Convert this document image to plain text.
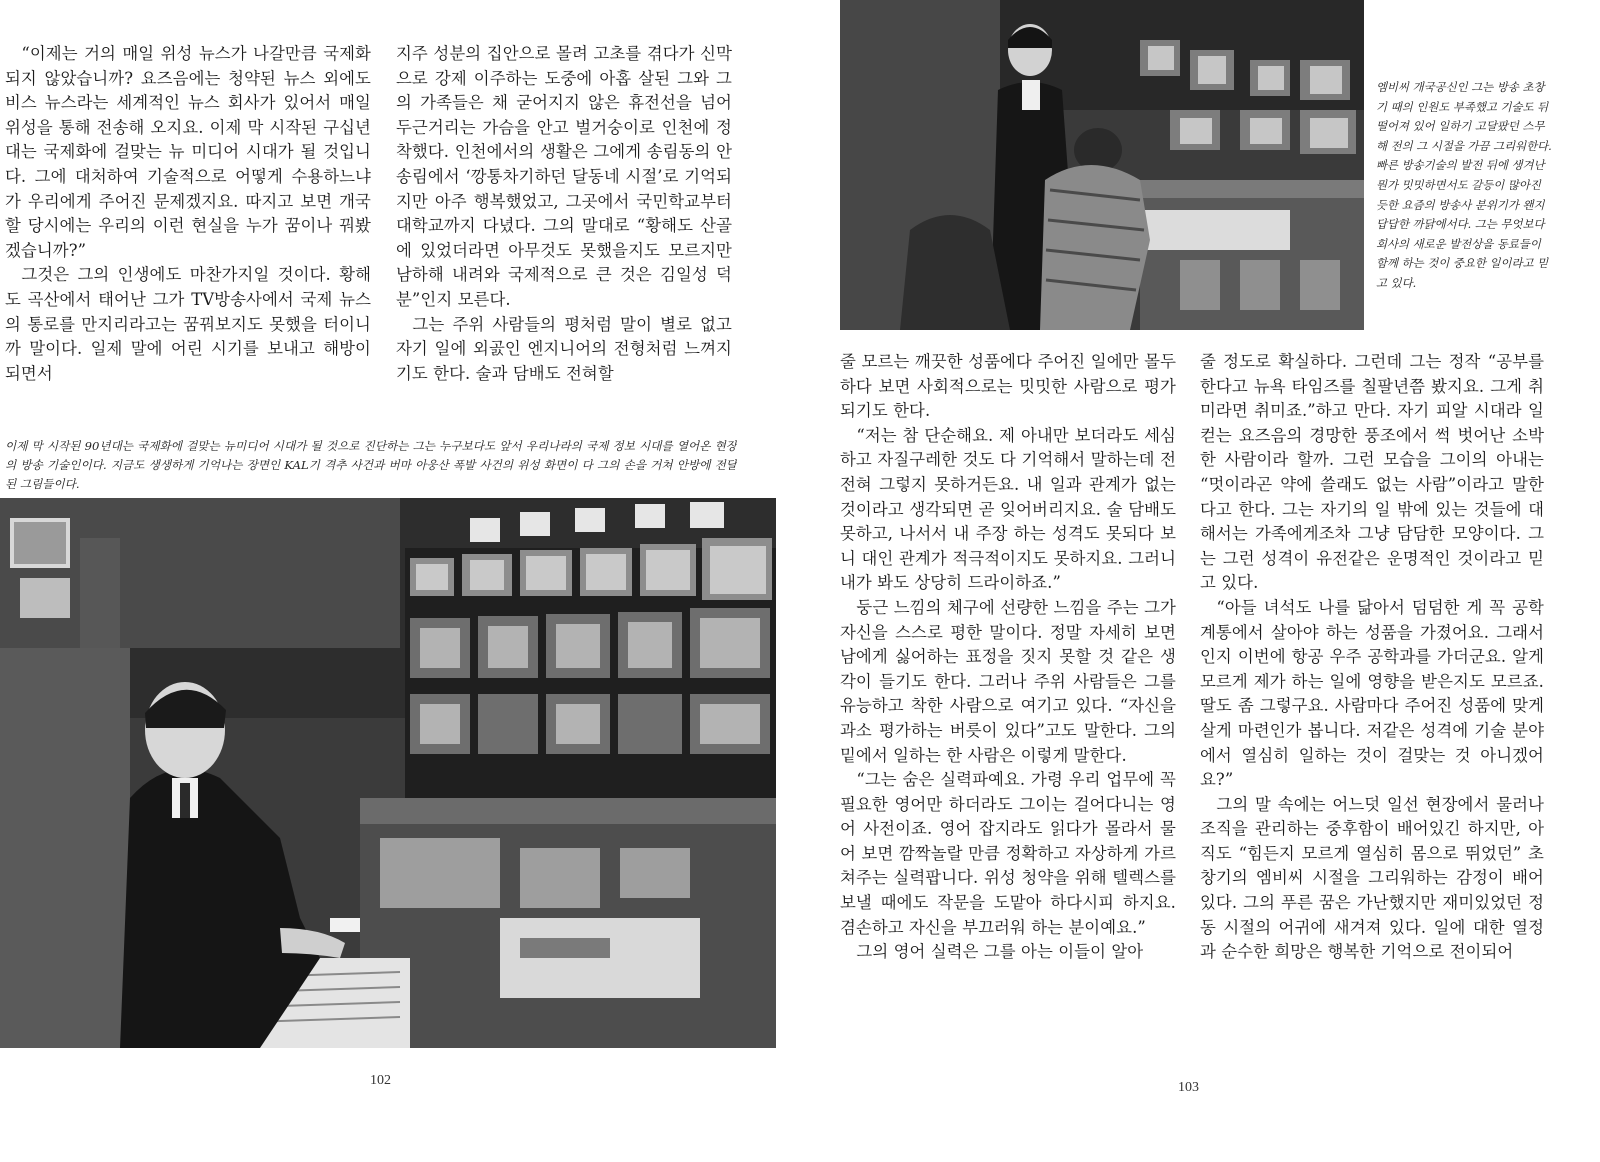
“이제는 거의 매일 위성 뉴스가 나갈만큼 국제화되지 않았습니까? 요즈음에는 청약된 뉴스 외에도 비스 뉴스라는 세계적인 뉴스 회사가 있어서 매일 위성을 통해 전송해 오지요. 이제 막 시작된 구십년대는 국제화에 걸맞는 뉴 미디어 시대가 될 것입니다. 그에 대처하여 기술적으로 어떻게 수용하느냐가 우리에게 주어진 문제겠지요. 따지고 보면 개국할 당시에는 우리의 이런 현실을 누가 꿈이나 꿔봤겠습니까?”

그것은 그의 인생에도 마찬가지일 것이다. 황해도 곡산에서 태어난 그가 TV방송사에서 국제 뉴스의 통로를 만지리라고는 꿈꿔보지도 못했을 터이니까 말이다. 일제 말에 어린 시기를 보내고 해방이 되면서

지주 성분의 집안으로 몰려 고초를 겪다가 신막으로 강제 이주하는 도중에 아홉 살된 그와 그의 가족들은 채 굳어지지 않은 휴전선을 넘어 두근거리는 가슴을 안고 벌거숭이로 인천에 정착했다. 인천에서의 생활은 그에게 송림동의 안송림에서 ‘깡통차기하던 달동네 시절’로 기억되지만 아주 행복했었고, 그곳에서 국민학교부터 대학교까지 다녔다. 그의 말대로 “황해도 산골에 있었더라면 아무것도 못했을지도 모르지만 남하해 내려와 국제적으로 큰 것은 김일성 덕분”인지 모른다.

그는 주위 사람들의 평처럼 말이 별로 없고 자기 일에 외곬인 엔지니어의 전형처럼 느껴지기도 한다. 술과 담배도 전혀할

이제 막 시작된 90년대는 국제화에 걸맞는 뉴미디어 시대가 될 것으로 진단하는 그는 누구보다도 앞서 우리나라의 국제 정보 시대를 열어온 현장의 방송 기술인이다. 지금도 생생하게 기억나는 장면인 KAL기 격추 사건과 버마 아웅산 폭발 사건의 위성 화면이 다 그의 손을 거쳐 안방에 전달된 그림들이다.
102
엠비씨 개국공신인 그는 방송 초창기 때의 인원도 부족했고 기술도 뒤떨어져 있어 일하기 고달팠던 스무해 전의 그 시절을 가끔 그리워한다. 빠른 방송기술의 발전 뒤에 생겨난 뭔가 밋밋하면서도 갈등이 많아진 듯한 요즘의 방송사 분위기가 왠지 답답한 까닭에서다. 그는 무엇보다 회사의 새로운 발전상을 동료들이 함께 하는 것이 중요한 일이라고 믿고 있다.

줄 모르는 깨끗한 성품에다 주어진 일에만 몰두하다 보면 사회적으로는 밋밋한 사람으로 평가되기도 한다.

“저는 참 단순해요. 제 아내만 보더라도 세심하고 자질구레한 것도 다 기억해서 말하는데 전 전혀 그렇지 못하거든요. 내 일과 관계가 없는 것이라고 생각되면 곧 잊어버리지요. 술 담배도 못하고, 나서서 내 주장 하는 성격도 못되다 보니 대인 관계가 적극적이지도 못하지요. 그러니 내가 봐도 상당히 드라이하죠.”

둥근 느낌의 체구에 선량한 느낌을 주는 그가 자신을 스스로 평한 말이다. 정말 자세히 보면 남에게 싫어하는 표정을 짓지 못할 것 같은 생각이 들기도 한다. 그러나 주위 사람들은 그를 유능하고 착한 사람으로 여기고 있다. “자신을 과소 평가하는 버릇이 있다”고도 말한다. 그의 밑에서 일하는 한 사람은 이렇게 말한다.

“그는 숨은 실력파예요. 가령 우리 업무에 꼭 필요한 영어만 하더라도 그이는 걸어다니는 영어 사전이죠. 영어 잡지라도 읽다가 몰라서 물어 보면 깜짝놀랄 만큼 정확하고 자상하게 가르쳐주는 실력팝니다. 위성 청약을 위해 텔렉스를 보낼 때에도 작문을 도맡아 하다시피 하지요. 겸손하고 자신을 부끄러워 하는 분이예요.”

그의 영어 실력은 그를 아는 이들이 알아

줄 정도로 확실하다. 그런데 그는 정작 “공부를 한다고 뉴욕 타임즈를 칠팔년쯤 봤지요. 그게 취미라면 취미죠.”하고 만다. 자기 피알 시대라 일컫는 요즈음의 경망한 풍조에서 썩 벗어난 소박한 사람이라 할까. 그런 모습을 그이의 아내는 “멋이라곤 약에 쓸래도 없는 사람”이라고 말한다고 한다. 그는 자기의 일 밖에 있는 것들에 대해서는 가족에게조차 그냥 담담한 모양이다. 그는 그런 성격이 유전같은 운명적인 것이라고 믿고 있다.

“아들 녀석도 나를 닮아서 덤덤한 게 꼭 공학 계통에서 살아야 하는 성품을 가졌어요. 그래서인지 이번에 항공 우주 공학과를 가더군요. 알게모르게 제가 하는 일에 영향을 받은지도 모르죠. 딸도 좀 그렇구요. 사람마다 주어진 성품에 맞게 살게 마련인가 봅니다. 저같은 성격에 기술 분야에서 열심히 일하는 것이 걸맞는 것 아니겠어요?”

그의 말 속에는 어느덧 일선 현장에서 물러나 조직을 관리하는 중후함이 배어있긴 하지만, 아직도 “힘든지 모르게 열심히 몸으로 뛰었던” 초창기의 엠비씨 시절을 그리워하는 감정이 배어 있다. 그의 푸른 꿈은 가난했지만 재미있었던 정동 시절의 어귀에 새겨져 있다. 일에 대한 열정과 순수한 희망은 행복한 기억으로 전이되어

103
